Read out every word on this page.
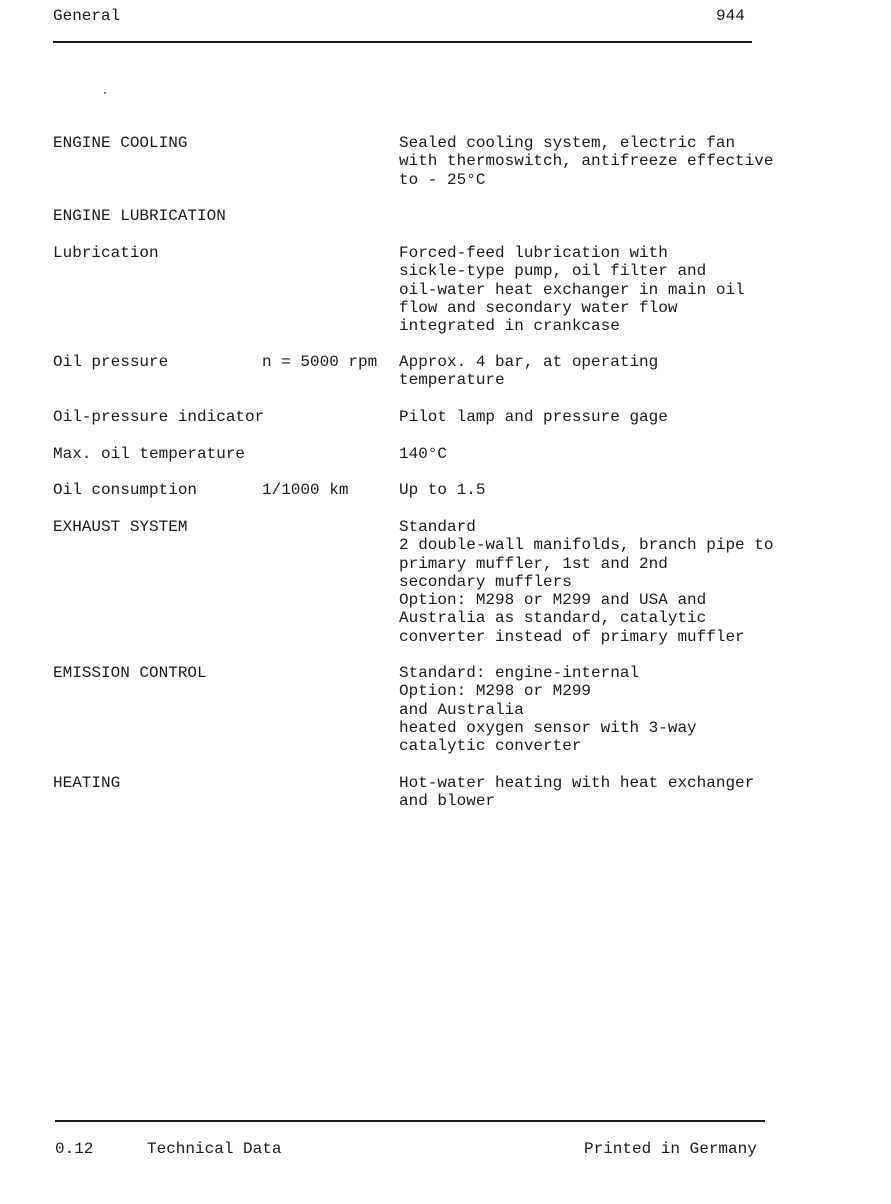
General	944
ENGINE COOLING	Sealed cooling system, electric fan
with thermoswitch, antifreeze effective
to - 25°C
ENGINE LUBRICATION
Lubrication	Forced-feed lubrication with
sickle-type pump, oil filter and
oil-water heat exchanger in main oil
flow and secondary water flow
integrated in crankcase
Oil pressure	n = 5000 rpm Approx. 4 bar, at operating
temperature
Oil-pressure indicator	Pilot lamp and pressure gage
Max. oil temperature	140°C
Oil consumption	1/1000 km	Up to 1.5
EXHAUST SYSTEM	Standard
2 double-wall manifolds, branch pipe to
primary muffler, 1st and 2nd
secondary mufflers
Option: M298 or M299 and USA and
Australia as standard, catalytic
converter instead of primary muffler
EMISSION CONTROL	Standard: engine-internal
Option: M298 or M299
and Australia
heated oxygen sensor with 3-way
catalytic converter
HEATING	Hot-water heating with heat exchanger
and blower
0.12	Technical Data	Printed in Germany
